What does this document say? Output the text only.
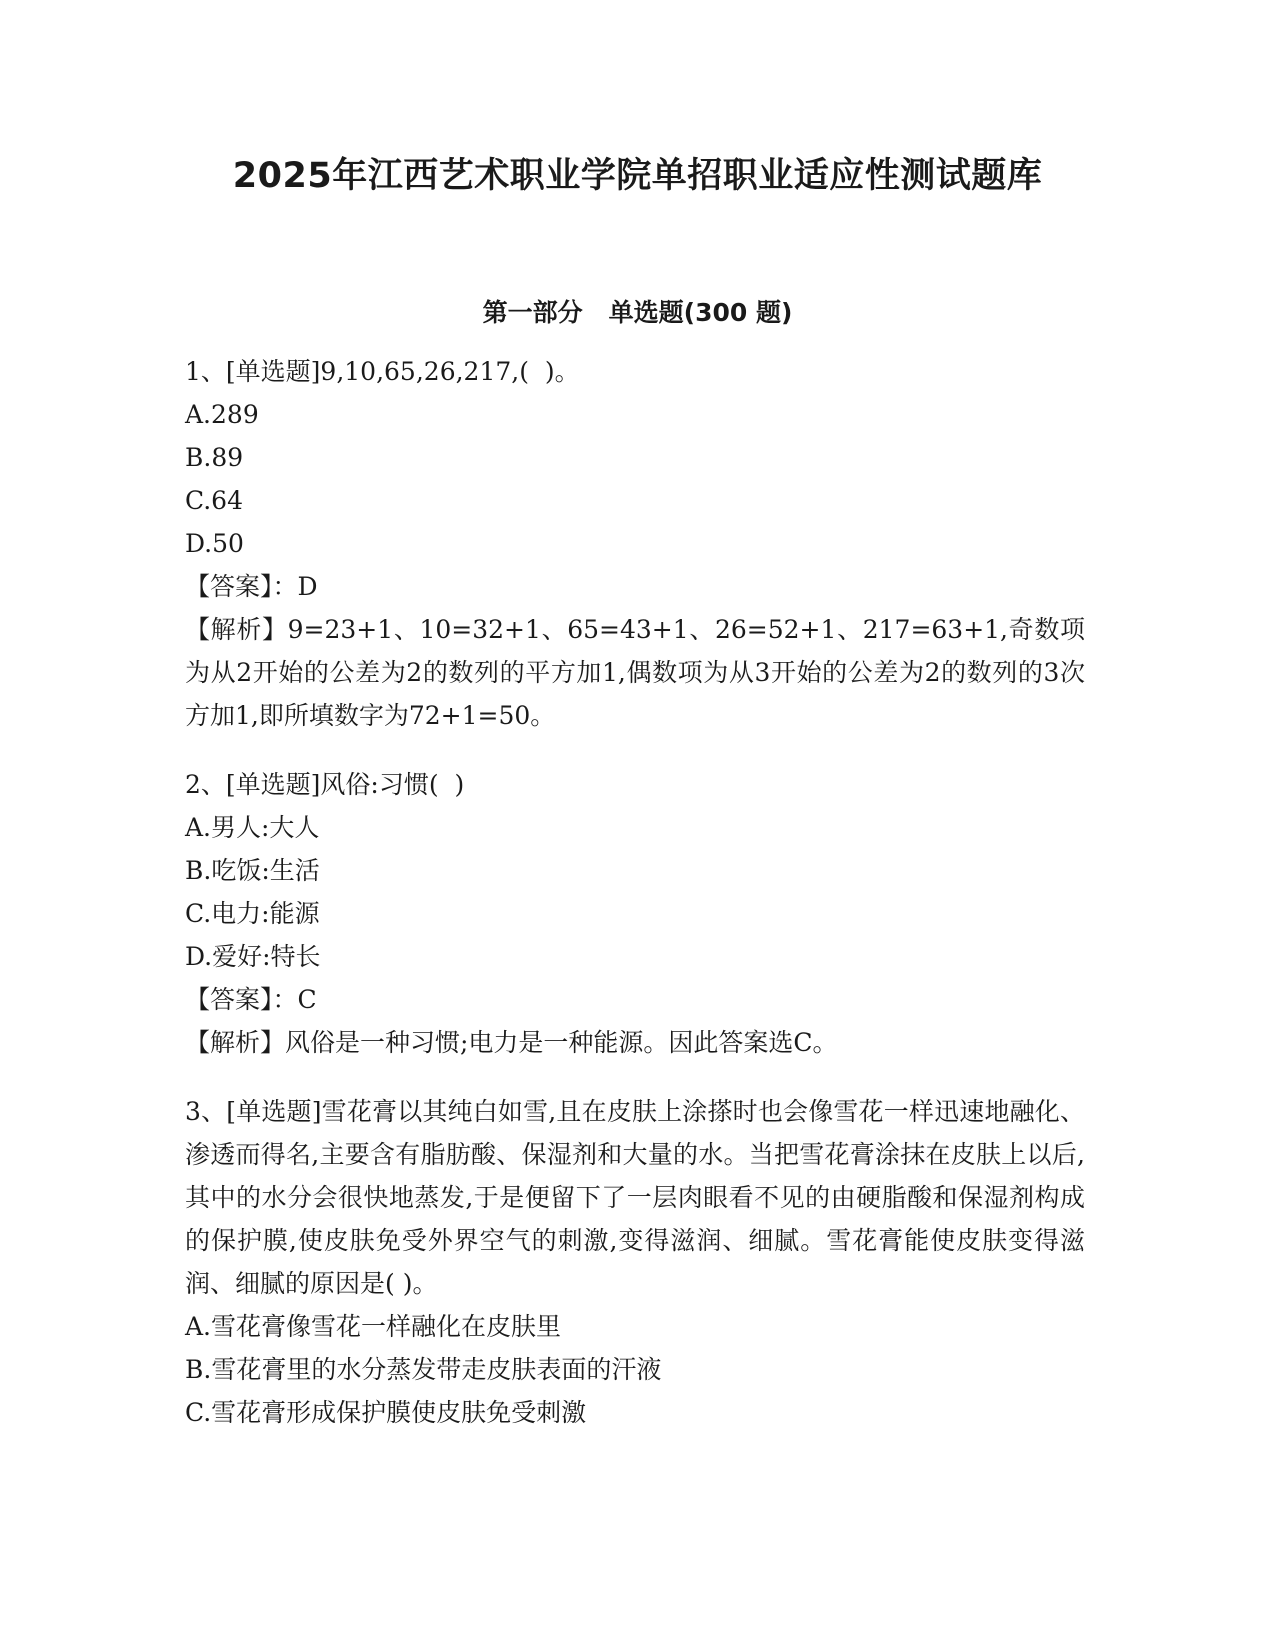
2025年江西艺术职业学院单招职业适应性测试题库
第一部分   单选题(300 题)

1、[单选题]9,10,65,26,217,(  )。

A.289

B.89

C.64

D.50

【答案】：D

【解析】9=23+1、10=32+1、65=43+1、26=52+1、217=63+1,奇数项为从2开始的公差为2的数列的平方加1,偶数项为从3开始的公差为2的数列的3次方加1,即所填数字为72+1=50。

2、[单选题]风俗:习惯(  )

A.男人:大人

B.吃饭:生活

C.电力:能源

D.爱好:特长

【答案】：C

【解析】风俗是一种习惯;电力是一种能源。因此答案选C。

3、[单选题]雪花膏以其纯白如雪,且在皮肤上涂搽时也会像雪花一样迅速地融化、渗透而得名,主要含有脂肪酸、保湿剂和大量的水。当把雪花膏涂抹在皮肤上以后,其中的水分会很快地蒸发,于是便留下了一层肉眼看不见的由硬脂酸和保湿剂构成的保护膜,使皮肤免受外界空气的刺激,变得滋润、细腻。雪花膏能使皮肤变得滋润、细腻的原因是( )。

A.雪花膏像雪花一样融化在皮肤里

B.雪花膏里的水分蒸发带走皮肤表面的汗液

C.雪花膏形成保护膜使皮肤免受刺激
